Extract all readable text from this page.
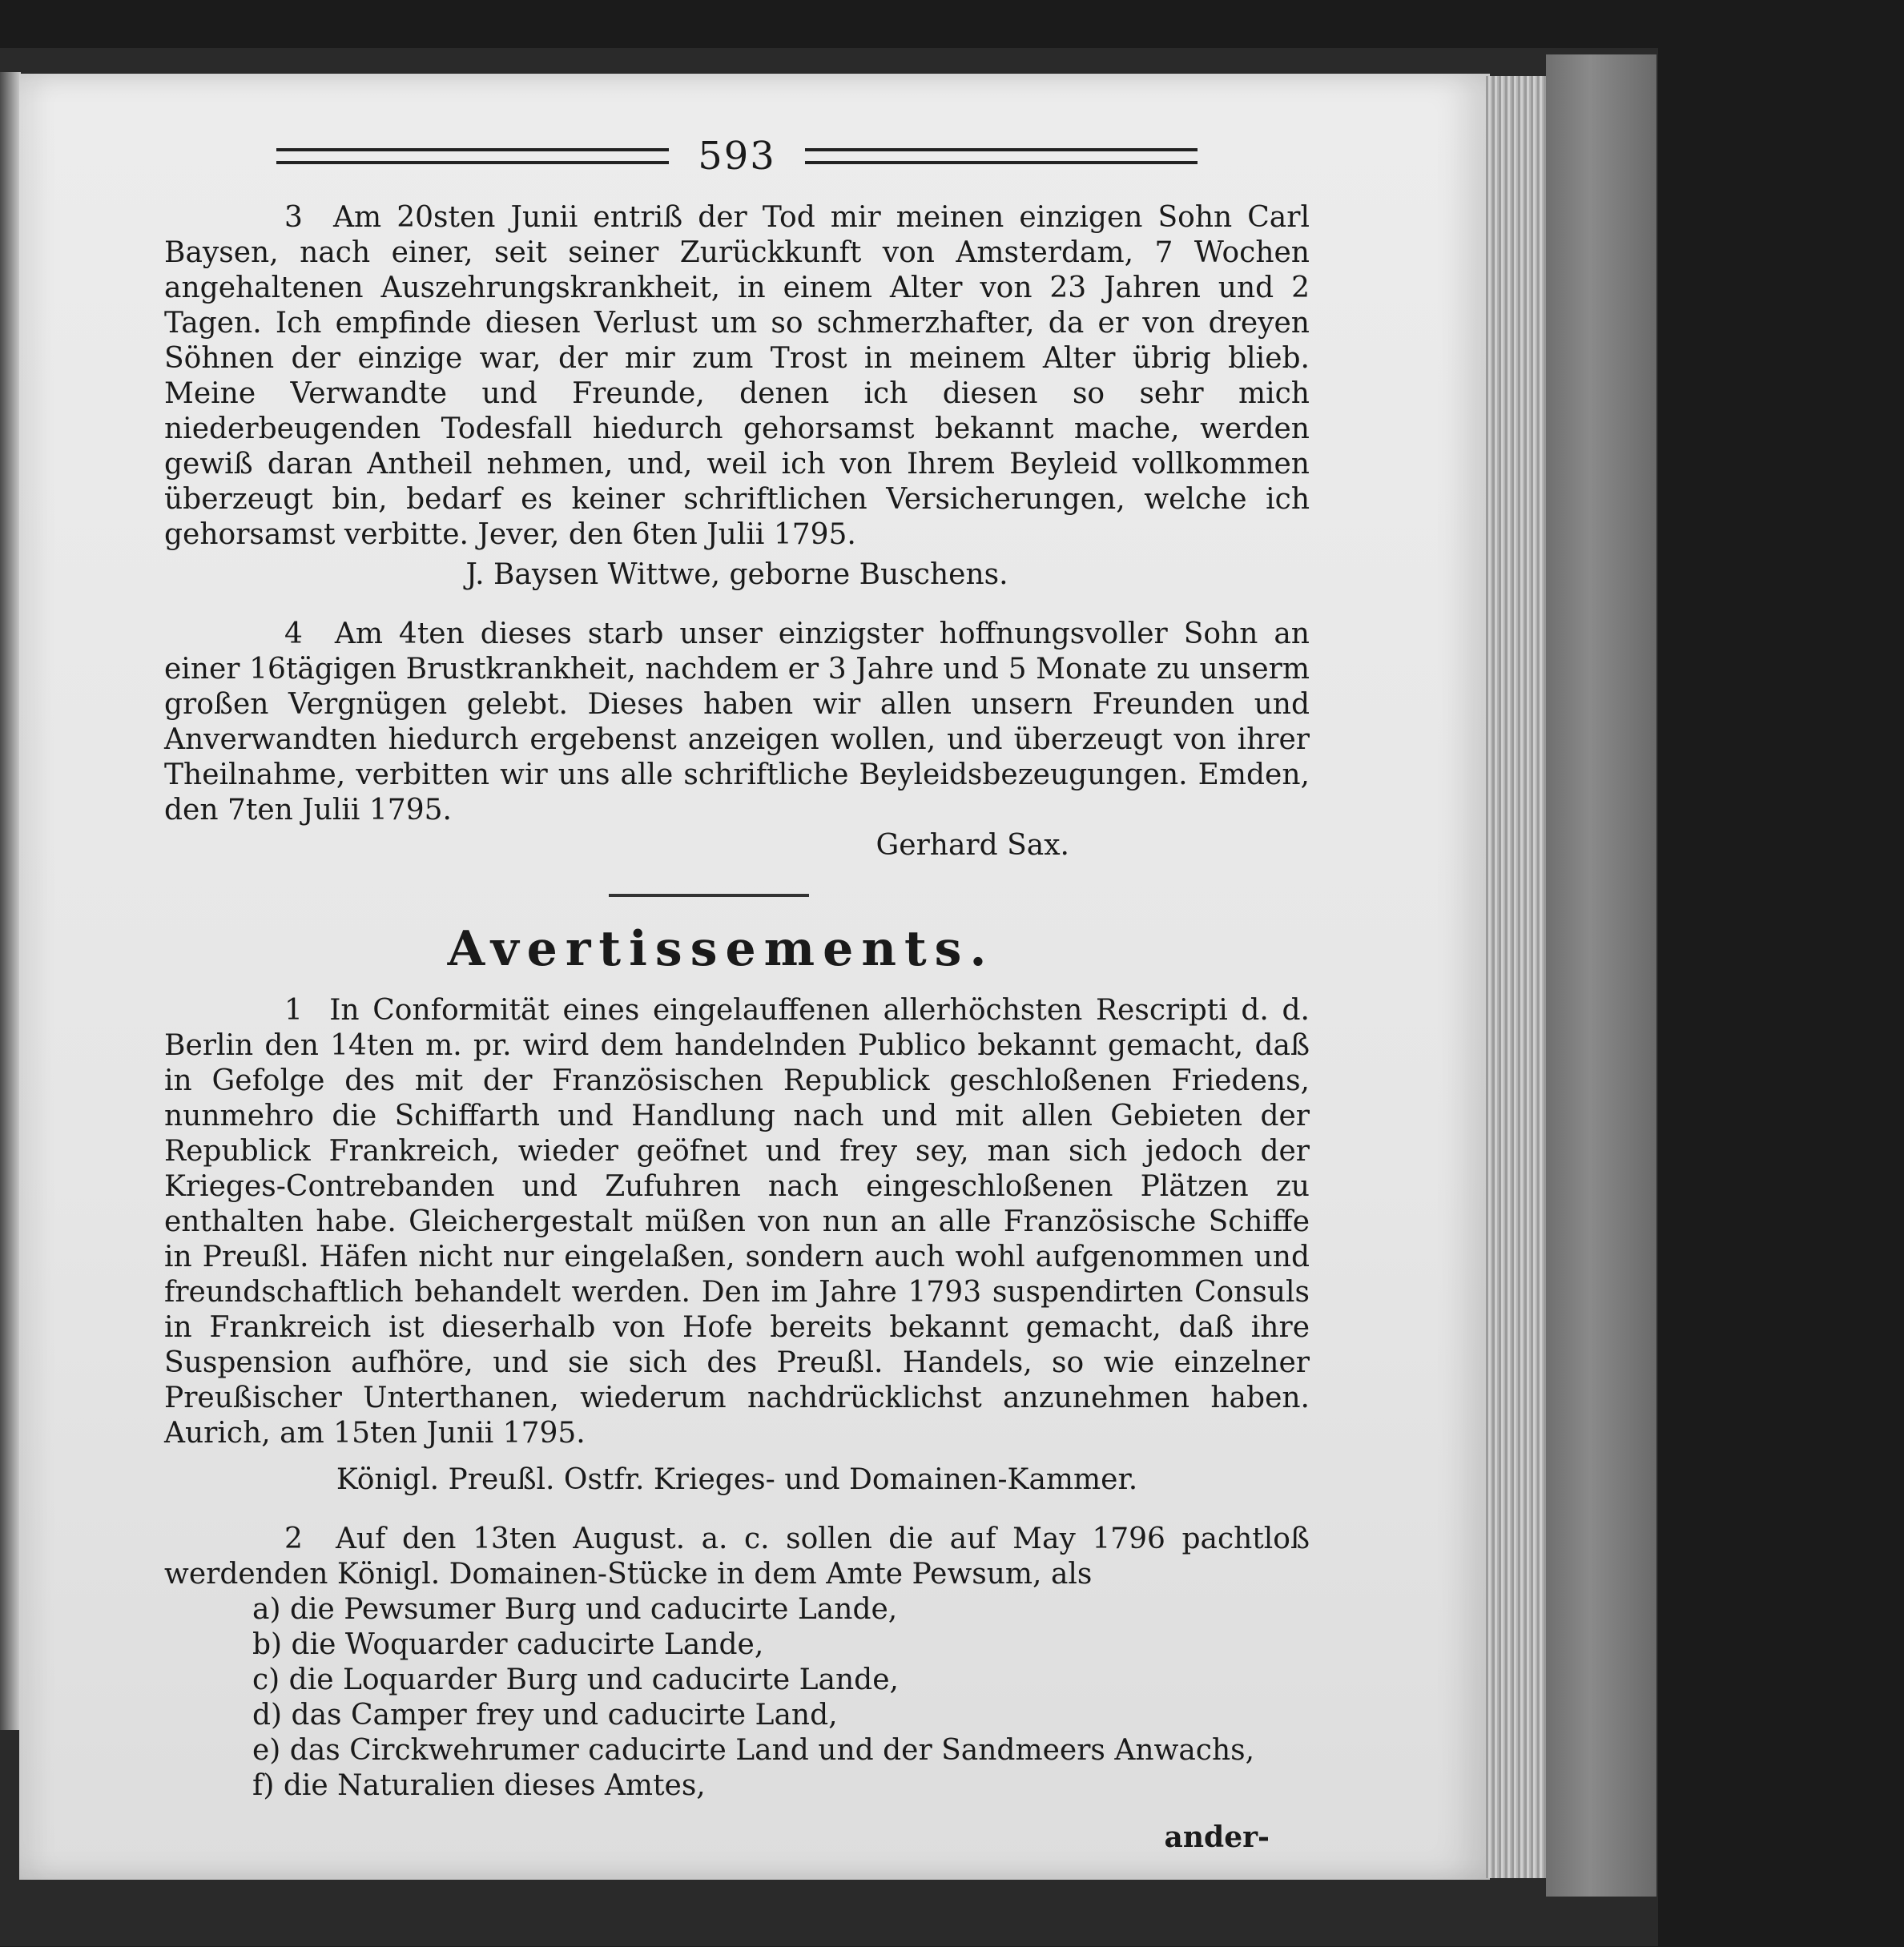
593

3 Am 20sten Junii entriß der Tod mir meinen einzigen Sohn Carl Baysen, nach einer, seit seiner Zurückkunft von Amsterdam, 7 Wochen angehaltenen Auszehrungskrankheit, in einem Alter von 23 Jahren und 2 Tagen. Ich empfinde diesen Verlust um so schmerzhafter, da er von dreyen Söhnen der einzige war, der mir zum Trost in meinem Alter übrig blieb. Meine Verwandte und Freunde, denen ich diesen so sehr mich niederbeugenden Todesfall hiedurch gehorsamst bekannt mache, werden gewiß daran Antheil nehmen, und, weil ich von Ihrem Beyleid vollkommen überzeugt bin, bedarf es keiner schriftlichen Versicherungen, welche ich gehorsamst verbitte. Jever, den 6ten Julii 1795.

J. Baysen Wittwe, geborne Buschens.

4 Am 4ten dieses starb unser einzigster hoffnungsvoller Sohn an einer 16tägigen Brustkrankheit, nachdem er 3 Jahre und 5 Monate zu unserm großen Vergnügen gelebt. Dieses haben wir allen unsern Freunden und Anverwandten hiedurch ergebenst anzeigen wollen, und überzeugt von ihrer Theilnahme, verbitten wir uns alle schriftliche Beyleidsbezeugungen. Emden, den 7ten Julii 1795.

Gerhard Sax.

Avertissements.

1 In Conformität eines eingelauffenen allerhöchsten Rescripti d. d. Berlin den 14ten m. pr. wird dem handelnden Publico bekannt gemacht, daß in Gefolge des mit der Französischen Republick geschloßenen Friedens, nunmehro die Schiffarth und Handlung nach und mit allen Gebieten der Republick Frankreich, wieder geöfnet und frey sey, man sich jedoch der Krieges-Contrebanden und Zufuhren nach eingeschloßenen Plätzen zu enthalten habe. Gleichergestalt müßen von nun an alle Französische Schiffe in Preußl. Häfen nicht nur eingelaßen, sondern auch wohl aufgenommen und freundschaftlich behandelt werden. Den im Jahre 1793 suspendirten Consuls in Frankreich ist dieserhalb von Hofe bereits bekannt gemacht, daß ihre Suspension aufhöre, und sie sich des Preußl. Handels, so wie einzelner Preußischer Unterthanen, wiederum nachdrücklichst anzunehmen haben. Aurich, am 15ten Junii 1795.

Königl. Preußl. Ostfr. Krieges- und Domainen-Kammer.

2 Auf den 13ten August. a. c. sollen die auf May 1796 pachtloß werdenden Königl. Domainen-Stücke in dem Amte Pewsum, als

a) die Pewsumer Burg und caducirte Lande,
b) die Woquarder caducirte Lande,
c) die Loquarder Burg und caducirte Lande,
d) das Camper frey und caducirte Land,
e) das Circkwehrumer caducirte Land und der Sandmeers Anwachs,
f) die Naturalien dieses Amtes,

ander-
